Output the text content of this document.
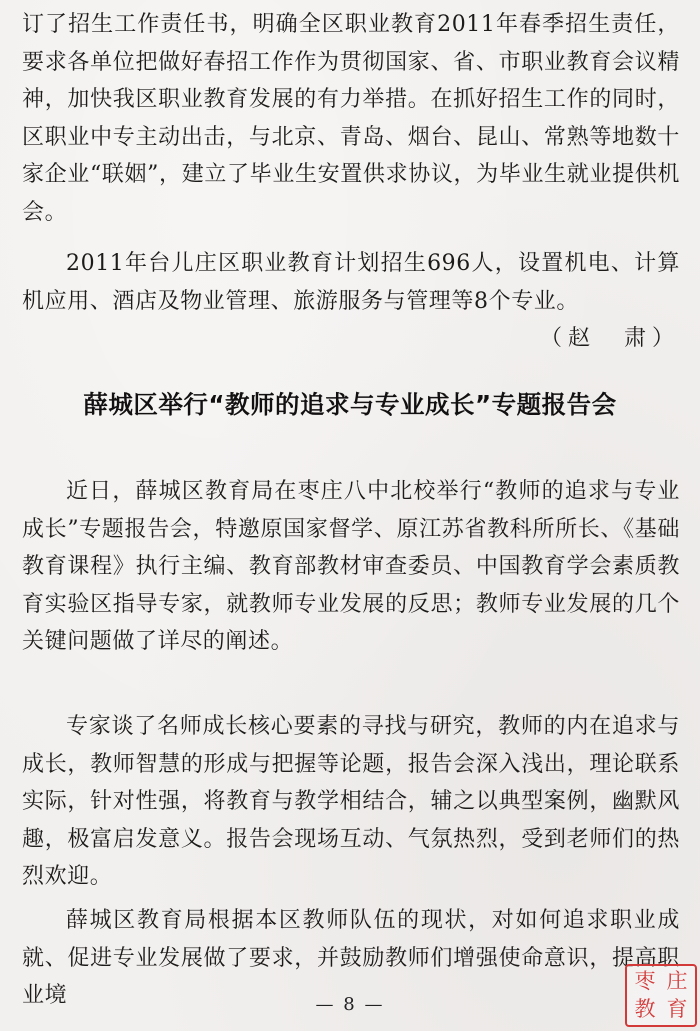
订了招生工作责任书，明确全区职业教育2011年春季招生责任，要求各单位把做好春招工作作为贯彻国家、省、市职业教育会议精神，加快我区职业教育发展的有力举措。在抓好招生工作的同时，区职业中专主动出击，与北京、青岛、烟台、昆山、常熟等地数十家企业“联姻”，建立了毕业生安置供求协议，为毕业生就业提供机会。

2011年台儿庄区职业教育计划招生696人，设置机电、计算机应用、酒店及物业管理、旅游服务与管理等8个专业。
（赵　肃）

薛城区举行“教师的追求与专业成长”专题报告会

近日，薛城区教育局在枣庄八中北校举行“教师的追求与专业成长”专题报告会，特邀原国家督学、原江苏省教科所所长、《基础教育课程》执行主编、教育部教材审查委员、中国教育学会素质教育实验区指导专家，就教师专业发展的反思；教师专业发展的几个关键问题做了详尽的阐述。

专家谈了名师成长核心要素的寻找与研究，教师的内在追求与成长，教师智慧的形成与把握等论题，报告会深入浅出，理论联系实际，针对性强，将教育与教学相结合，辅之以典型案例，幽默风趣，极富启发意义。报告会现场互动、气氛热烈，受到老师们的热烈欢迎。

薛城区教育局根据本区教师队伍的现状，对如何追求职业成就、促进专业发展做了要求，并鼓励教师们增强使命意识，提高职业境	— 8 —
枣 庄
教 育
